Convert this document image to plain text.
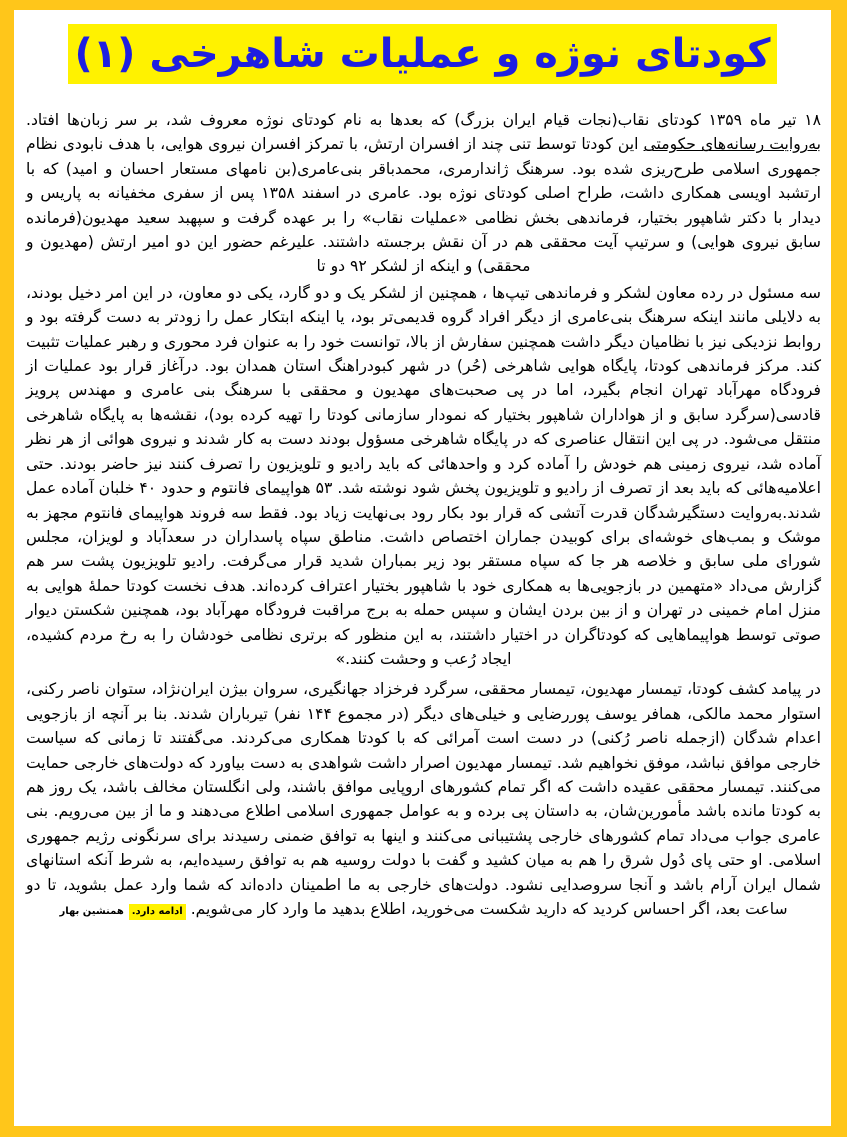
کودتای نوژه و عملیات شاهرخی (۱)

۱۸ تیر ماه ۱۳۵۹ کودتای نقاب(نجات قیام ایران بزرگ) که بعدها به نام کودتای نوژه معروف شد، بر سر زبان‌ها افتاد. به‌روایت رسانه‌های حکومتی این کودتا توسط تنی چند از افسران ارتش، با تمرکز افسران نیروی هوایی، با هدف نابودی نظام جمهوری اسلامی طرح‌ریزی شده بود. سرهنگ ژاندارمری، محمدباقر بنی‌عامری(بن نامهای مستعار احسان و امید) که با ارتشبد اویسی همکاری داشت، طراح اصلی کودتای نوژه بود. عامری در اسفند ۱۳۵۸ پس از سفری مخفیانه به پاریس و دیدار با دکتر شاهپور بختیار، فرماندهی بخش نظامی «عملیات نقاب» را بر عهده گرفت و سپهبد سعید مهدیون(فرمانده سابق نیروی هوایی) و سرتیپ آیت محققی هم در آن نقش برجسته داشتند. علیرغم حضور این دو امیر ارتش (مهدیون و محققی) و اینکه از لشکر ۹۲ دو تا

سه مسئول در رده معاون لشکر و فرماندهی تیپ‌ها ، همچنین از لشکر یک و دو گارد، یکی دو معاون، در این امر دخیل بودند، به دلایلی مانند اینکه سرهنگ بنی‌عامری از دیگر افراد گروه قدیمی‌تر بود، یا اینکه ابتکار عمل را زودتر به دست گرفته بود و روابط نزدیکی نیز با نظامیان دیگر داشت همچنین سفارش از بالا، توانست خود را به عنوان فرد محوری و رهبر عملیات تثبیت کند. مرکز فرماندهی کودتا، پایگاه هوایی شاهرخی (حُر) در شهر کبودراهنگ استان همدان بود. درآغاز قرار بود عملیات از فرودگاه مهرآباد تهران انجام بگیرد، اما در پی صحبت‌های مهدیون و محققی با سرهنگ بنی عامری و مهندس پرویز قادسی(سرگرد سابق و از هواداران شاهپور بختیار که نمودار سازمانی کودتا را تهیه کرده بود)، نقشه‌ها به پایگاه شاهرخی منتقل می‌شود. در پی این انتقال عناصری که در پایگاه شاهرخی مسؤول بودند دست به کار شدند و نیروی هوائی از هر نظر آماده شد، نیروی زمینی هم خودش را آماده کرد و واحدهائی که باید رادیو و تلویزیون را تصرف کنند نیز حاضر بودند. حتی اعلامیه‌هائی که باید بعد از تصرف از رادیو و تلویزیون پخش شود نوشته شد. ۵۳ هواپیمای فانتوم و حدود ۴۰ خلبان آماده عمل شدند.به‌روایت دستگیرشدگان قدرت آتشی که قرار بود بکار رود بی‌نهایت زیاد بود. فقط سه فروند هواپیمای فانتوم مجهز به موشک و بمب‌های خوشه‌ای برای کوبیدن جماران اختصاص داشت. مناطق سپاه پاسداران در سعدآباد و لویزان، مجلس شورای ملی سابق و خلاصه هر جا که سپاه مستقر بود زیر بمباران شدید قرار می‌گرفت. رادیو تلویزیون پشت سر هم گزارش می‌داد «متهمین در بازجویی‌ها به همکاری خود با شاهپور بختیار اعتراف کرده‌اند. هدف نخست کودتا حملهٔ هوایی به منزل امام خمینی در تهران و از بین بردن ایشان و سپس حمله به برج مراقبت فرودگاه مهرآباد بود، همچنین شکستن دیوار صوتی توسط هواپیماهایی که کودتاگران در اختیار داشتند، به این منظور که برتری نظامی خودشان را به رخ مردم کشیده، ایجاد رُعب و وحشت کنند.»

در پیامد کشف کودتا، تیمسار مهدیون، تیمسار محققی، سرگرد فرخزاد جهانگیری، سروان بیژن ایران‌نژاد، ستوان ناصر رکنی، استوار محمد مالکی، همافر یوسف پوررضایی و خیلی‌های دیگر (در مجموع ۱۴۴ نفر) تیرباران شدند. بنا بر آنچه از بازجویی اعدام شدگان (ازجمله ناصر رُکنی) در دست است آمرائی که با کودتا همکاری می‌کردند. می‌گفتند تا زمانی که سیاست خارجی موافق نباشد، موفق نخواهیم شد. تیمسار مهدیون اصرار داشت شواهدی به دست بیاورد که دولت‌های خارجی حمایت می‌کنند. تیمسار محققی عقیده داشت که اگر تمام کشورهای اروپایی موافق باشند، ولی انگلستان مخالف باشد، یک روز هم به کودتا مانده باشد مأمورین‌شان، به داستان پی برده و به عوامل جمهوری اسلامی اطلاع می‌دهند و ما از بین می‌رویم. بنی عامری جواب می‌داد تمام کشورهای خارجی پشتیبانی می‌کنند و اینها به توافق ضمنی رسیدند برای سرنگونی رژیم جمهوری اسلامی. او حتی پای دُول شرق را هم به میان کشید و گفت با دولت روسیه هم به توافق رسیده‌ایم، به شرط آنکه استانهای شمال ایران آرام باشد و آنجا سروصدایی نشود. دولت‌های خارجی به ما اطمینان داده‌اند که شما وارد عمل بشوید، تا دو ساعت بعد، اگر احساس کردید که دارید شکست می‌خورید، اطلاع بدهید ما وارد کار می‌شویم. ادامه دارد. همنشین بهار
